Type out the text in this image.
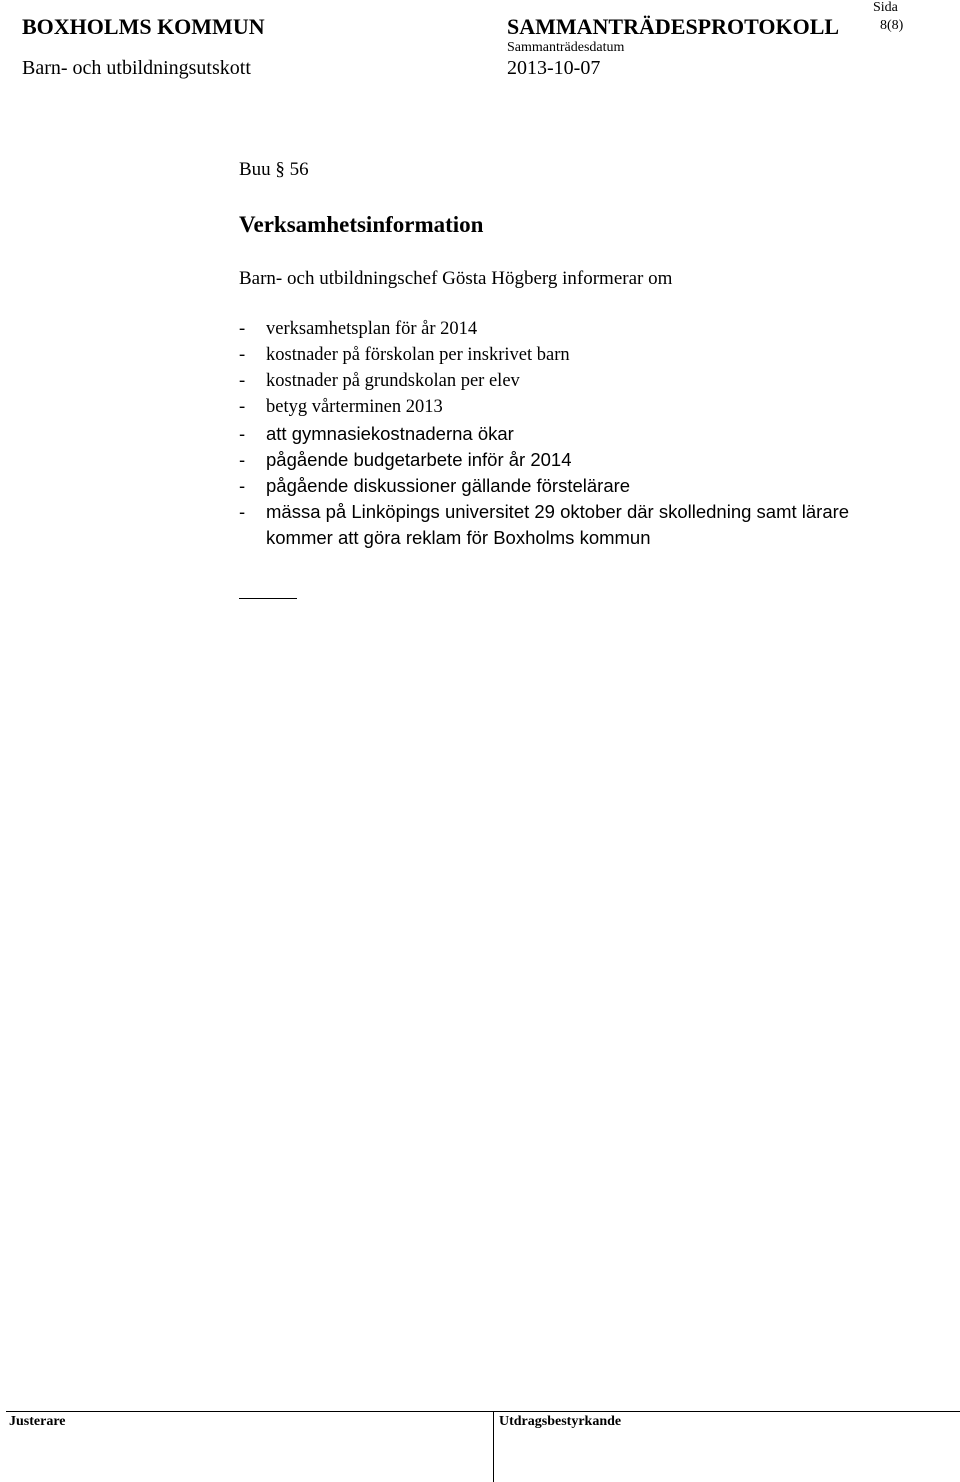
BOXHOLMS KOMMUN
Barn- och utbildningsutskott
SAMMANTRÄDESPROTOKOLL
Sammanträdesdatum
2013-10-07
Sida
8(8)
Buu § 56
Verksamhetsinformation
Barn- och utbildningschef Gösta Högberg informerar om
- verksamhetsplan för år 2014
- kostnader på förskolan per inskrivet barn
- kostnader på grundskolan per elev
- betyg vårterminen 2013
- att gymnasiekostnaderna ökar
- pågående budgetarbete inför år 2014
- pågående diskussioner gällande förstelärare
- mässa på Linköpings universitet 29 oktober där skolledning samt lärare
kommer att göra reklam för Boxholms kommun
Justerare	Utdragsbestyrkande
